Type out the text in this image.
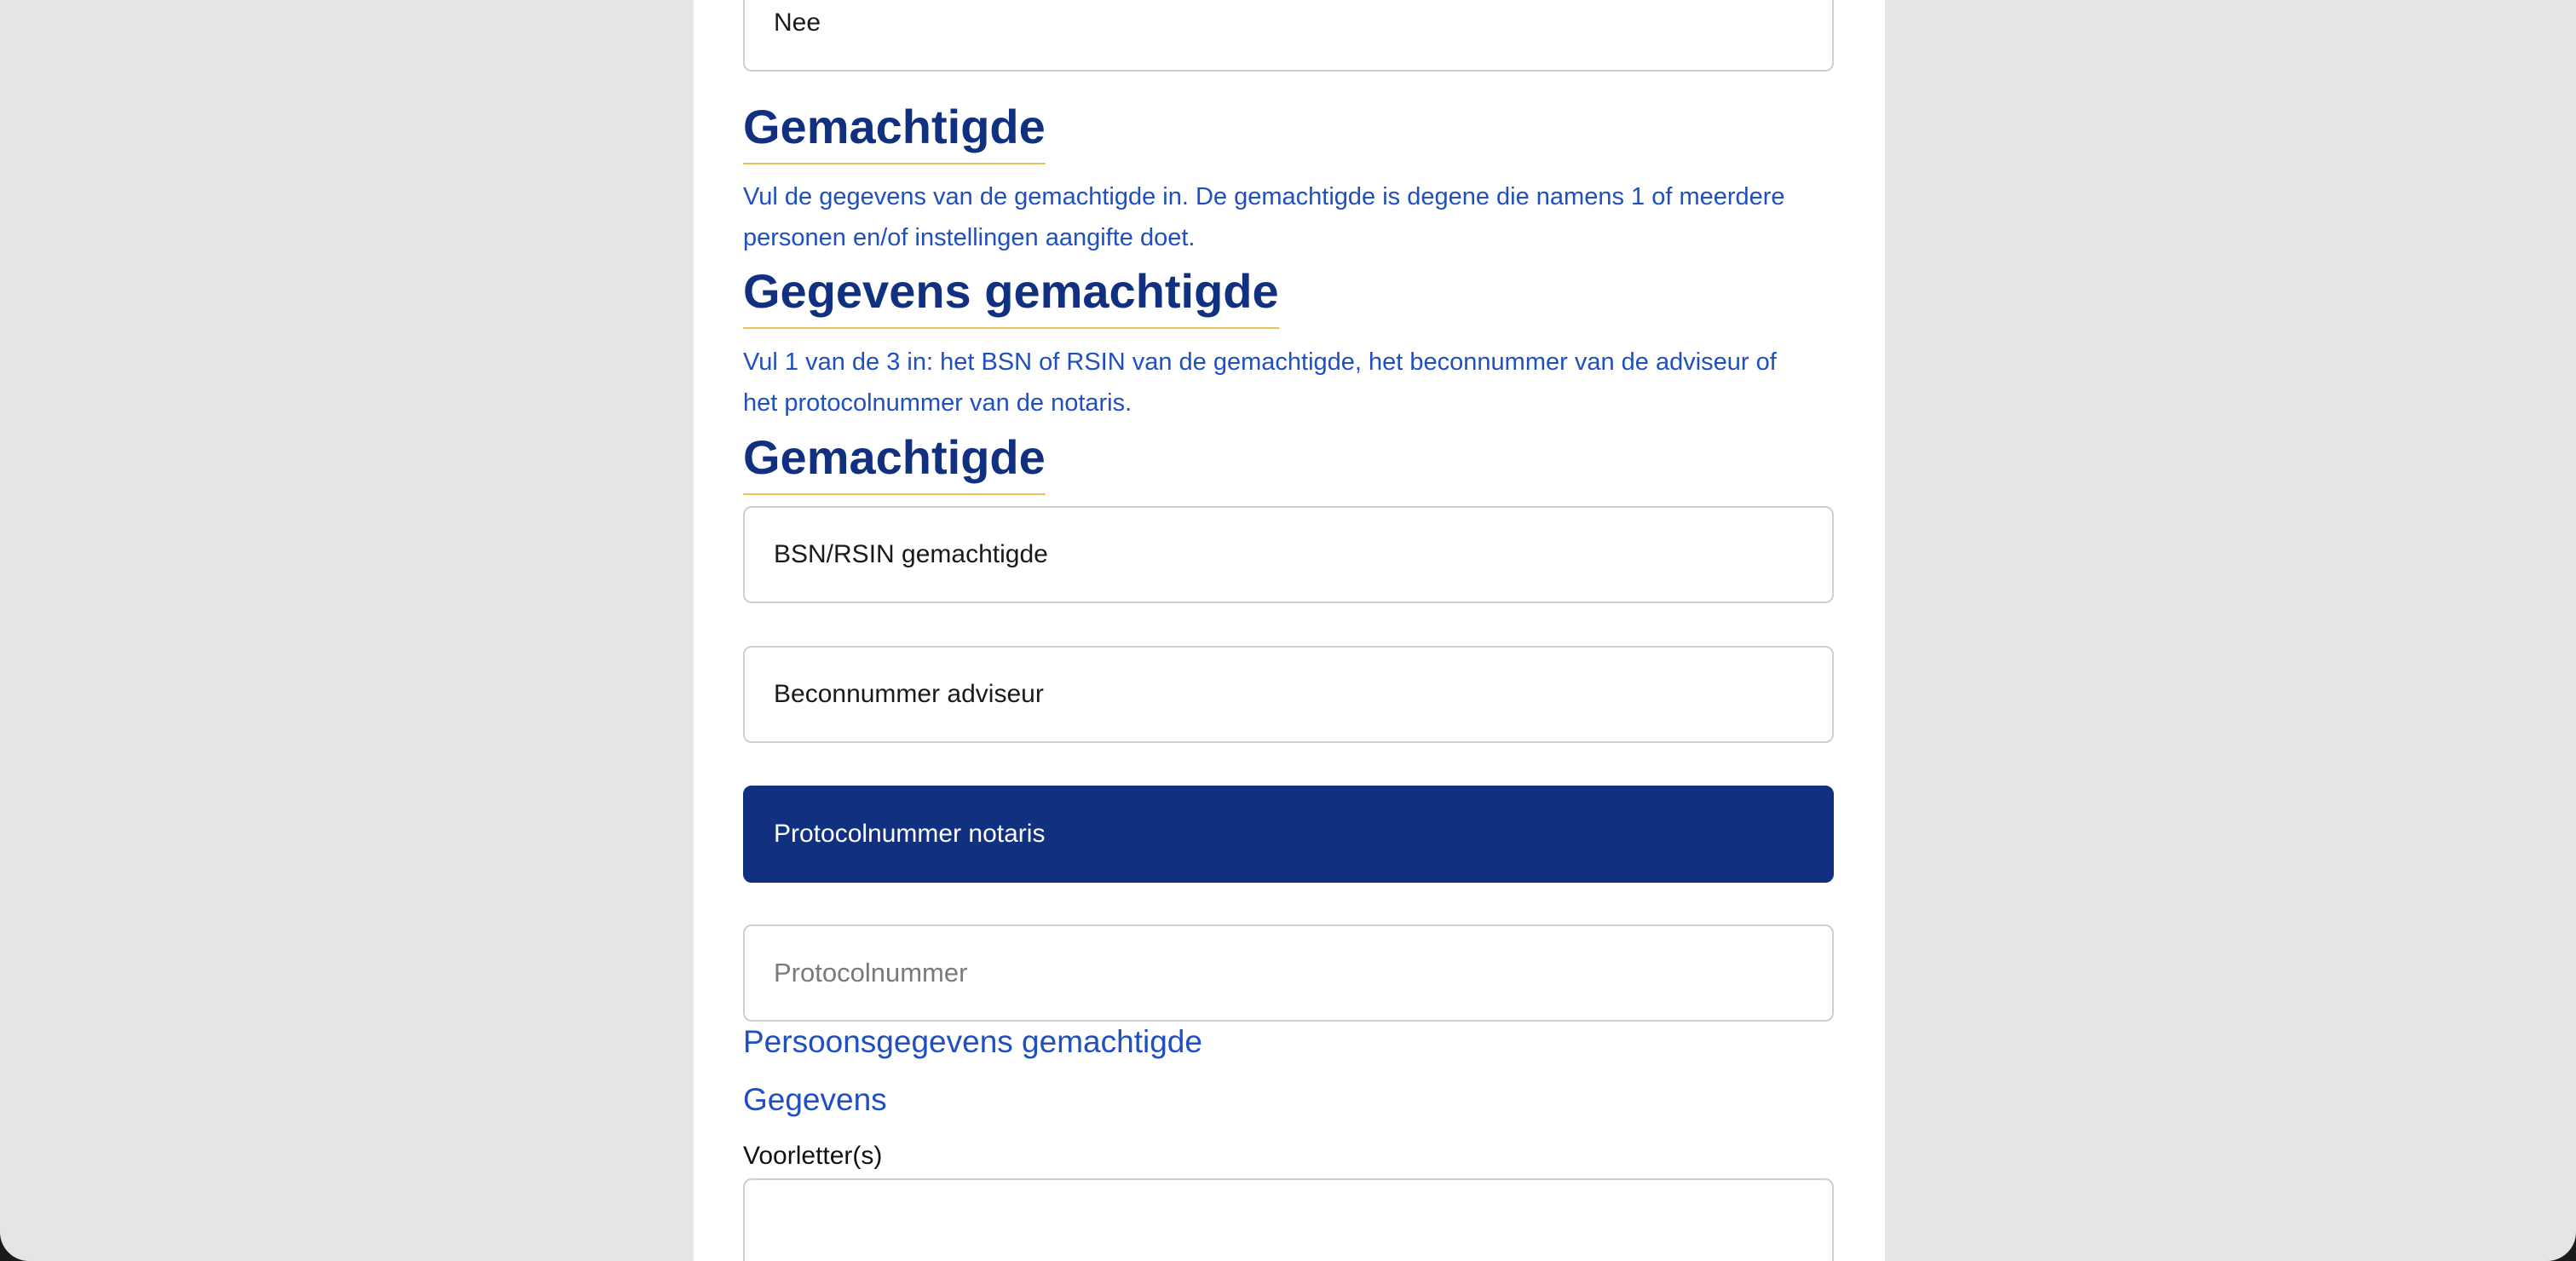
Nee
Gemachtigde

Vul de gegevens van de gemachtigde in. De gemachtigde is degene die namens 1 of meerdere personen en/of instellingen aangifte doet.

Gegevens gemachtigde

Vul 1 van de 3 in: het BSN of RSIN van de gemachtigde, het beconnummer van de adviseur of het protocolnummer van de notaris.

Gemachtigde
BSN/RSIN gemachtigde
Beconnummer adviseur
Protocolnummer notaris
Protocolnummer
Persoonsgegevens gemachtigde
Gegevens
Voorletter(s)
